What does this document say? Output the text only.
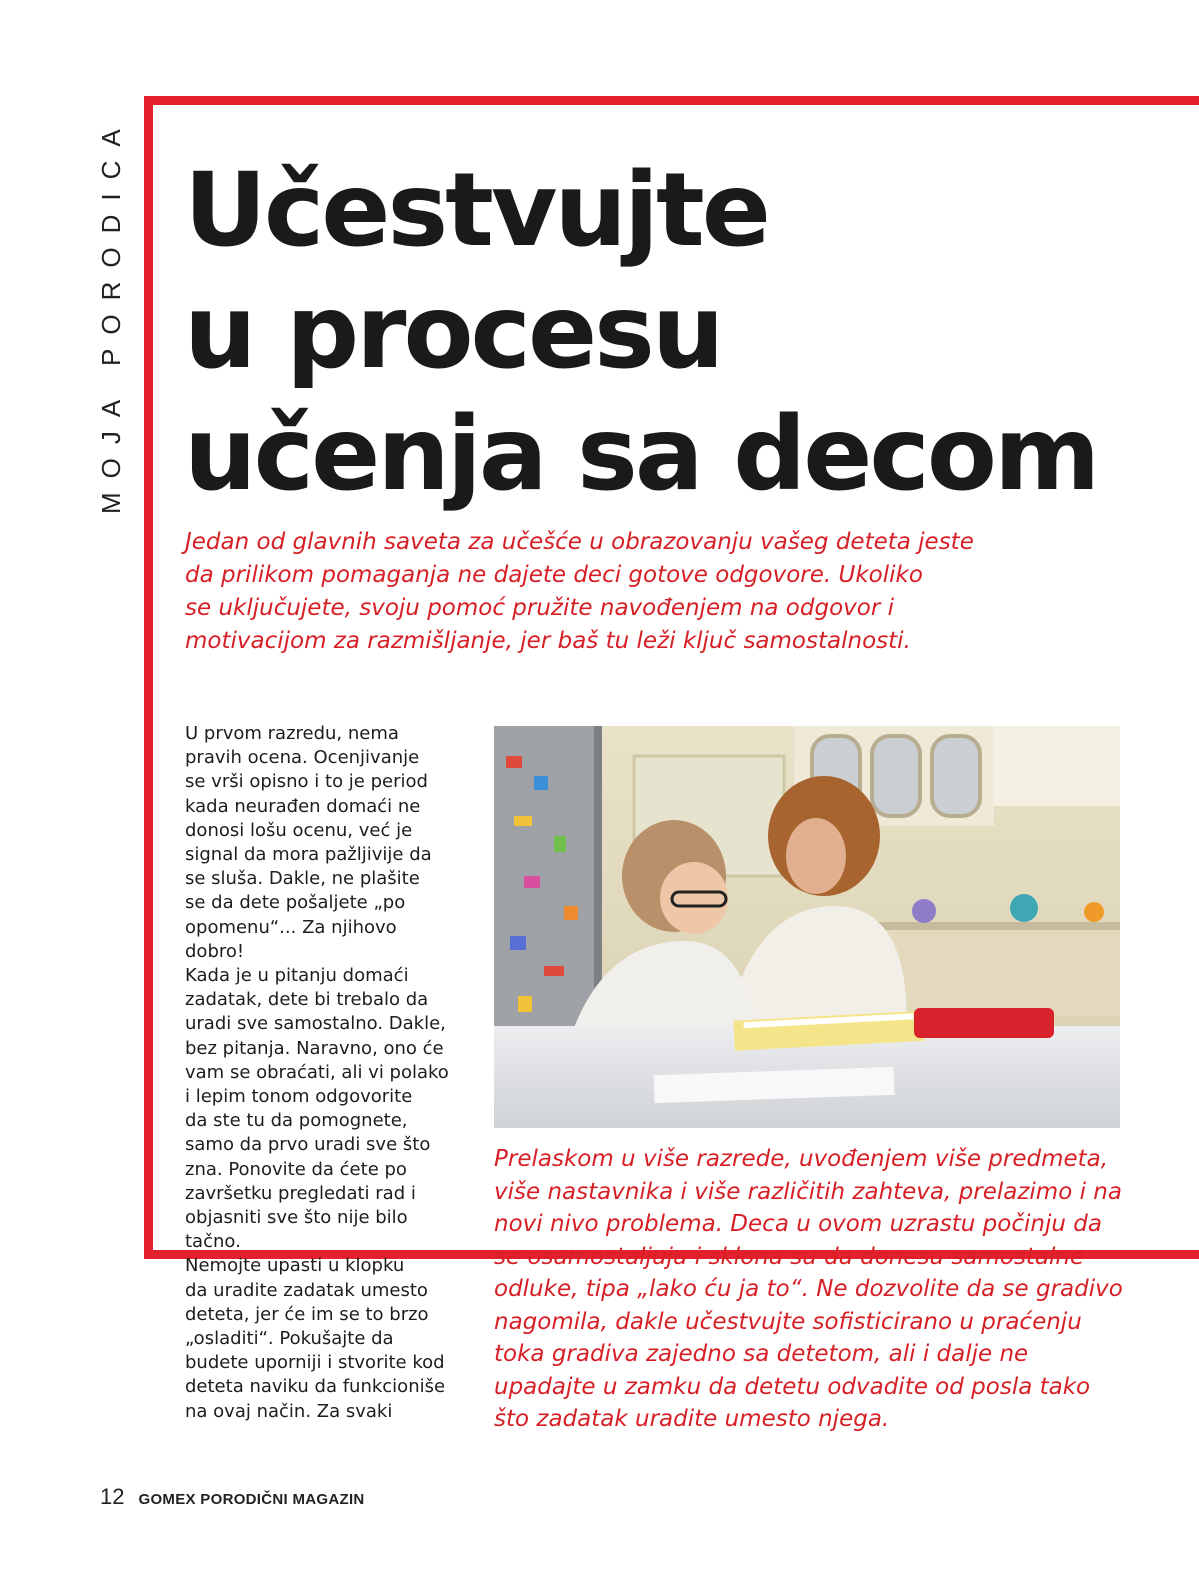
MOJA PORODICA Učestvujte
u procesu
učenja sa decom
Jedan od glavnih saveta za učešće u obrazovanju vašeg deteta jeste
da prilikom pomaganja ne dajete deci gotove odgovore. Ukoliko
se uključujete, svoju pomoć pružite navođenjem na odgovor i
motivacijom za razmišljanje, jer baš tu leži ključ samostalnosti.
U prvom razredu, nema
pravih ocena. Ocenjivanje
se vrši opisno i to je period
kada neurađen domaći ne
donosi lošu ocenu, već je
signal da mora pažljivije da
se sluša. Dakle, ne plašite
se da dete pošaljete „po
opomenu“... Za njihovo
dobro!
Kada je u pitanju domaći
zadatak, dete bi trebalo da
uradi sve samostalno. Dakle,
bez pitanja. Naravno, ono će
vam se obraćati, ali vi polako
i lepim tonom odgovorite
da ste tu da pomognete,
samo da prvo uradi sve što
zna. Ponovite da ćete po
završetku pregledati rad i
objasniti sve što nije bilo
tačno.
Nemojte upasti u klopku
da uradite zadatak umesto
deteta, jer će im se to brzo
„osladiti“. Pokušajte da
budete uporniji i stvorite kod
deteta naviku da funkcioniše
na ovaj način. Za svaki
Prelaskom u više razrede, uvođenjem više predmeta,
više nastavnika i više različitih zahteva, prelazimo i na
novi nivo problema. Deca u ovom uzrastu počinju da
se osamostaljuju i sklona su da donesu samostalne
odluke, tipa „lako ću ja to“. Ne dozvolite da se gradivo
nagomila, dakle učestvujte sofisticirano u praćenju
toka gradiva zajedno sa detetom, ali i dalje ne
upadajte u zamku da detetu odvadite od posla tako
što zadatak uradite umesto njega.
12 GOMEX PORODIČNI MAGAZIN
